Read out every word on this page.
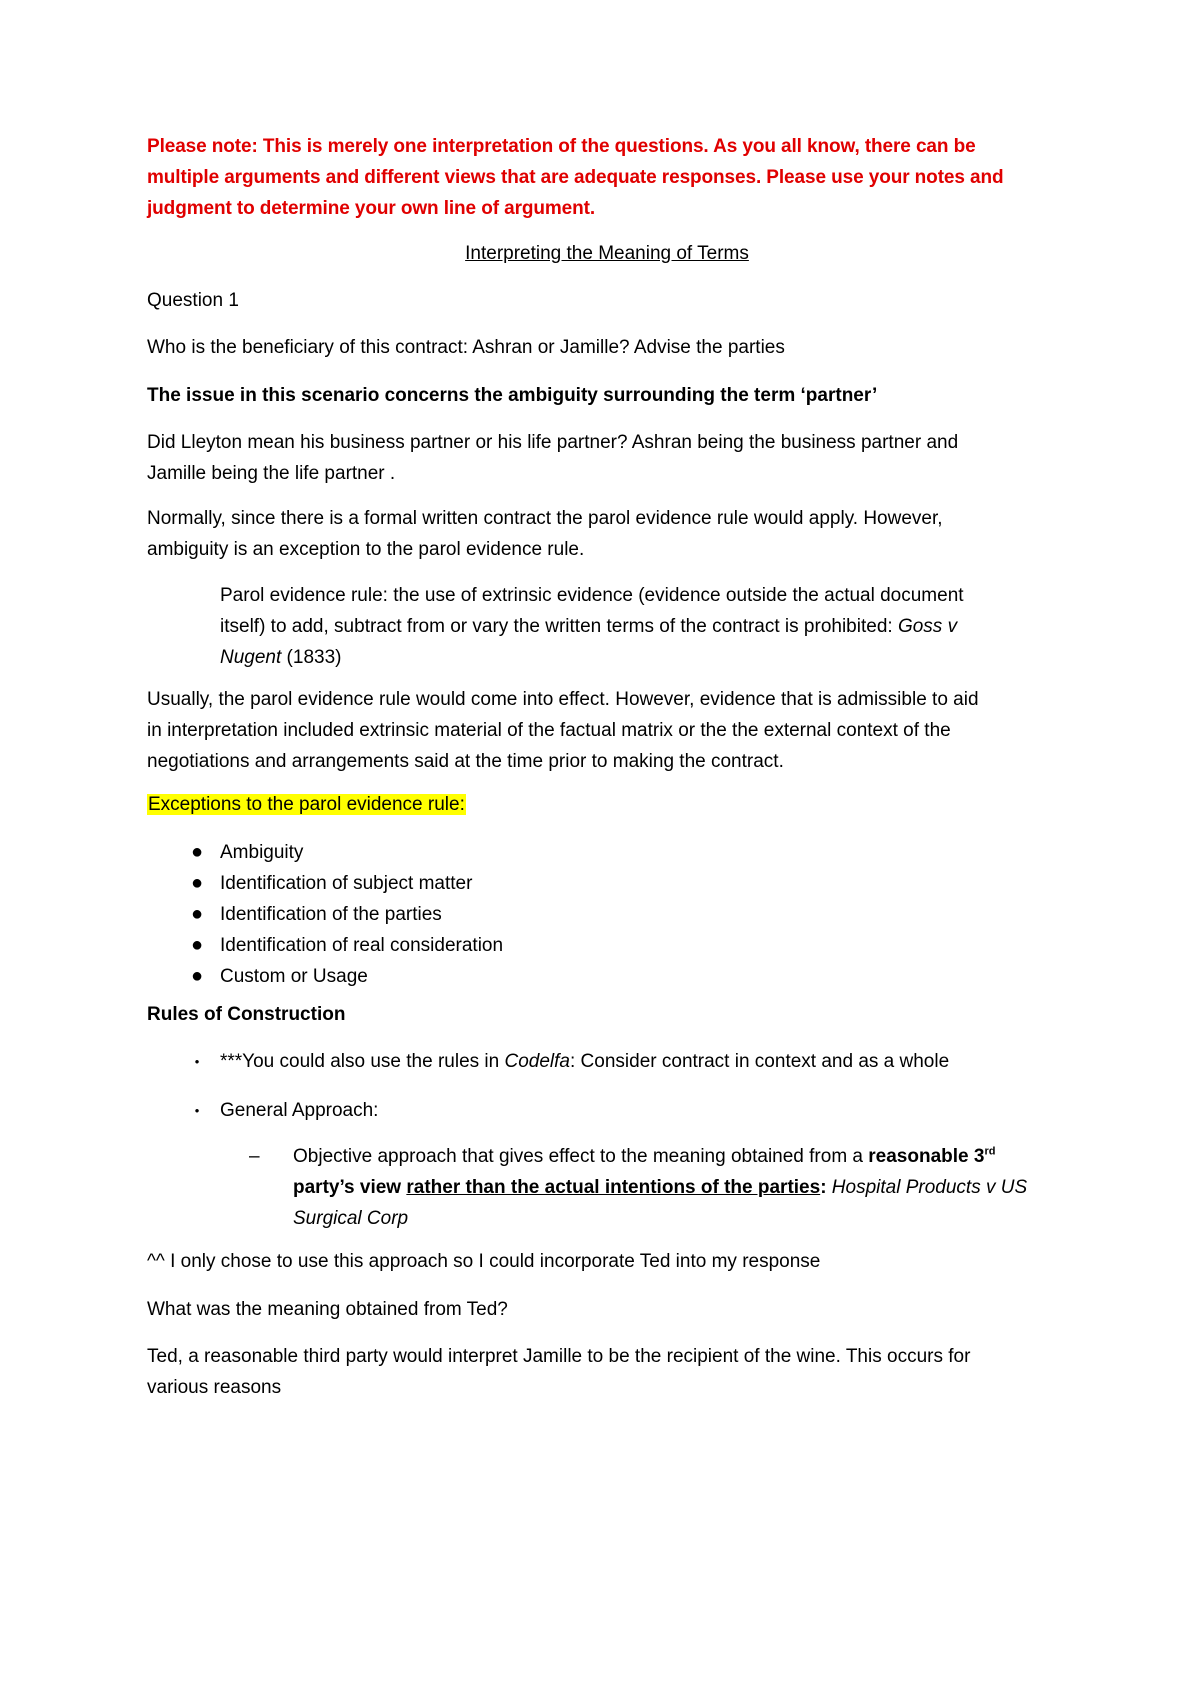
Please note: This is merely one interpretation of the questions. As you all know, there can be
multiple arguments and different views that are adequate responses. Please use your notes and
judgment to determine your own line of argument.
Interpreting the Meaning of Terms
Question 1
Who is the beneficiary of this contract: Ashran or Jamille? Advise the parties
The issue in this scenario concerns the ambiguity surrounding the term ‘partner’
Did Lleyton mean his business partner or his life partner? Ashran being the business partner and
Jamille being the life partner .
Normally, since there is a formal written contract the parol evidence rule would apply. However,
ambiguity is an exception to the parol evidence rule.
Parol evidence rule: the use of extrinsic evidence (evidence outside the actual document
itself) to add, subtract from or vary the written terms of the contract is prohibited: Goss v
Nugent (1833)
Usually, the parol evidence rule would come into effect. However, evidence that is admissible to aid
in interpretation included extrinsic material of the factual matrix or the the external context of the
negotiations and arrangements said at the time prior to making the contract.
Exceptions to the parol evidence rule:
● Ambiguity
● Identification of subject matter
● Identification of the parties
● Identification of real consideration
● Custom or Usage
Rules of Construction
•	***You could also use the rules in Codelfa: Consider contract in context and as a whole
•	General Approach:
– Objective approach that gives effect to the meaning obtained from a reasonable 3rd
party’s view rather than the actual intentions of the parties: Hospital Products v US
Surgical Corp
^^ I only chose to use this approach so I could incorporate Ted into my response
What was the meaning obtained from Ted?
Ted, a reasonable third party would interpret Jamille to be the recipient of the wine. This occurs for
various reasons
